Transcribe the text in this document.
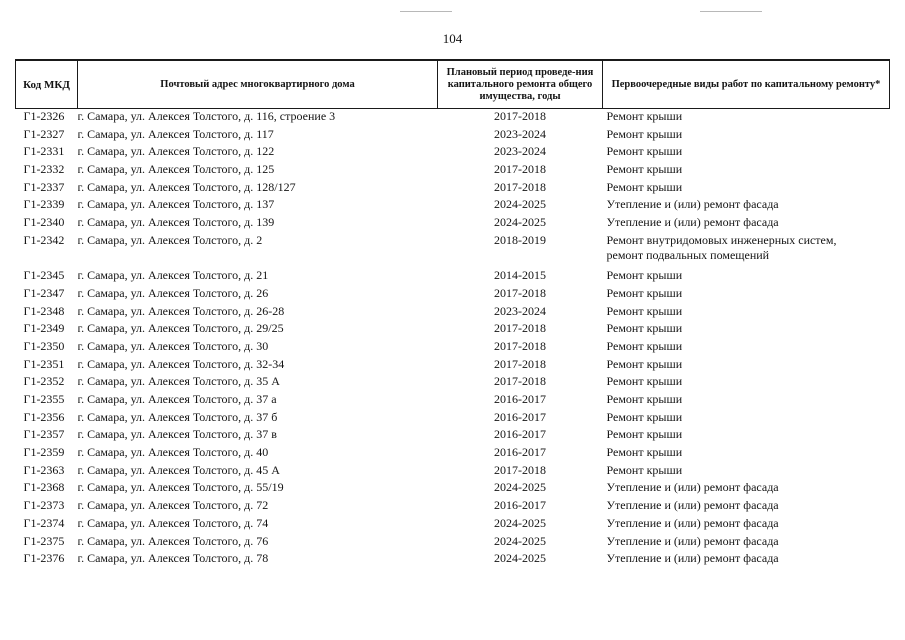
104
Код МКД	Почтовый адрес многоквартирного дома	Плановый период проведе-ния капитального ремонта общего имущества, годы	Первоочередные виды работ по капитальному ремонту*
Г1-2326	г. Самара, ул. Алексея Толстого, д. 116, строение 3	2017-2018	Ремонт крыши
Г1-2327	г. Самара, ул. Алексея Толстого, д. 117	2023-2024	Ремонт крыши
Г1-2331	г. Самара, ул. Алексея Толстого, д. 122	2023-2024	Ремонт крыши
Г1-2332	г. Самара, ул. Алексея Толстого, д. 125	2017-2018	Ремонт крыши
Г1-2337	г. Самара, ул. Алексея Толстого, д. 128/127	2017-2018	Ремонт крыши
Г1-2339	г. Самара, ул. Алексея Толстого, д. 137	2024-2025	Утепление и (или) ремонт фасада
Г1-2340	г. Самара, ул. Алексея Толстого, д. 139	2024-2025	Утепление и (или) ремонт фасада
Г1-2342	г. Самара, ул. Алексея Толстого, д. 2	2018-2019	Ремонт внутридомовых инженерных систем, ремонт подвальных помещений
Г1-2345	г. Самара, ул. Алексея Толстого, д. 21	2014-2015	Ремонт крыши
Г1-2347	г. Самара, ул. Алексея Толстого, д. 26	2017-2018	Ремонт крыши
Г1-2348	г. Самара, ул. Алексея Толстого, д. 26-28	2023-2024	Ремонт крыши
Г1-2349	г. Самара, ул. Алексея Толстого, д. 29/25	2017-2018	Ремонт крыши
Г1-2350	г. Самара, ул. Алексея Толстого, д. 30	2017-2018	Ремонт крыши
Г1-2351	г. Самара, ул. Алексея Толстого, д. 32-34	2017-2018	Ремонт крыши
Г1-2352	г. Самара, ул. Алексея Толстого, д. 35 А	2017-2018	Ремонт крыши
Г1-2355	г. Самара, ул. Алексея Толстого, д. 37 а	2016-2017	Ремонт крыши
Г1-2356	г. Самара, ул. Алексея Толстого, д. 37 б	2016-2017	Ремонт крыши
Г1-2357	г. Самара, ул. Алексея Толстого, д. 37 в	2016-2017	Ремонт крыши
Г1-2359	г. Самара, ул. Алексея Толстого, д. 40	2016-2017	Ремонт крыши
Г1-2363	г. Самара, ул. Алексея Толстого, д. 45 А	2017-2018	Ремонт крыши
Г1-2368	г. Самара, ул. Алексея Толстого, д. 55/19	2024-2025	Утепление и (или) ремонт фасада
Г1-2373	г. Самара, ул. Алексея Толстого, д. 72	2016-2017	Утепление и (или) ремонт фасада
Г1-2374	г. Самара, ул. Алексея Толстого, д. 74	2024-2025	Утепление и (или) ремонт фасада
Г1-2375	г. Самара, ул. Алексея Толстого, д. 76	2024-2025	Утепление и (или) ремонт фасада
Г1-2376	г. Самара, ул. Алексея Толстого, д. 78	2024-2025	Утепление и (или) ремонт фасада
